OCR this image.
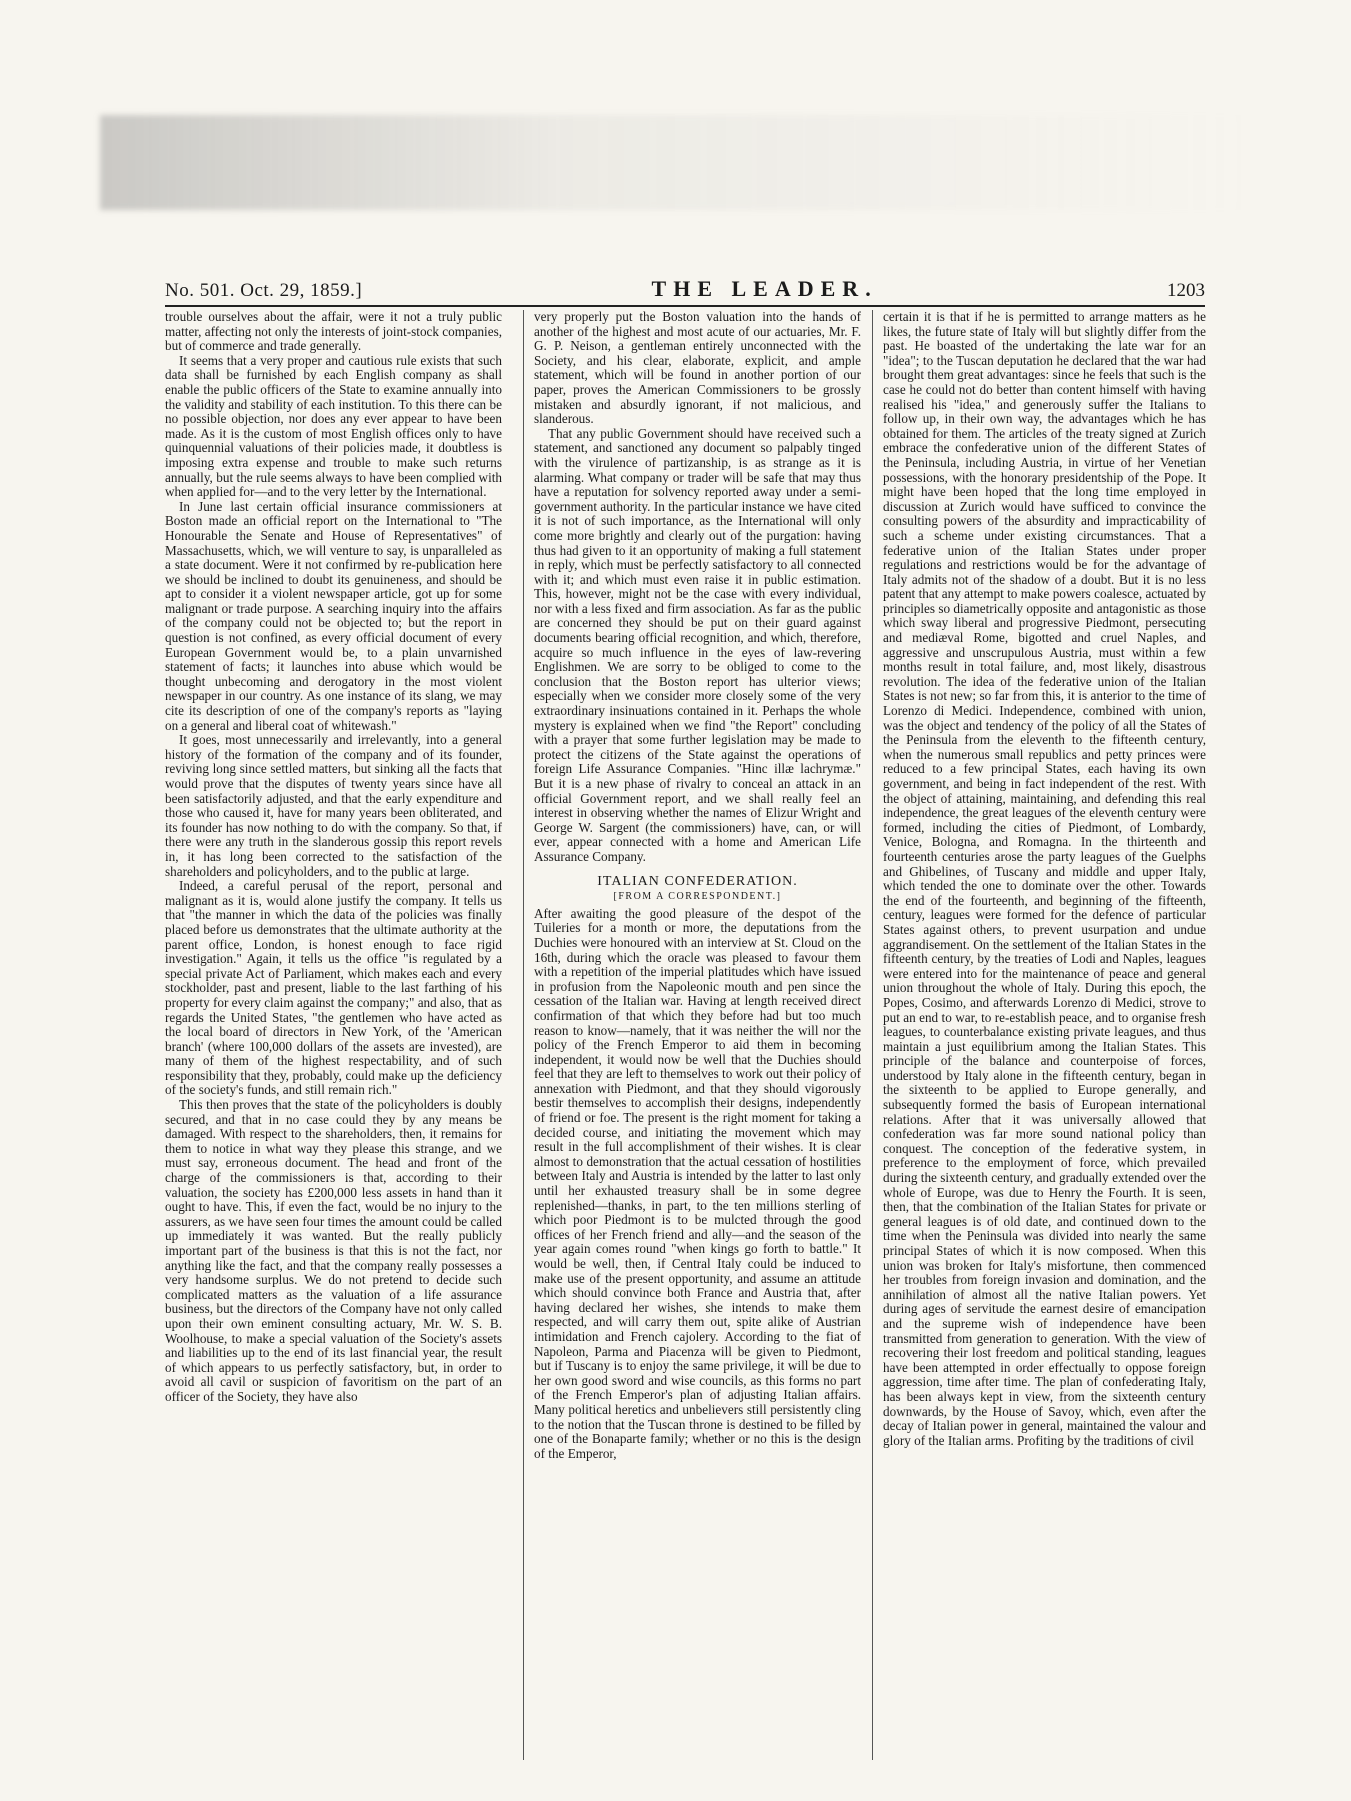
No. 501. Oct. 29, 1859.]	THE LEADER.	1203

trouble ourselves about the affair, were it not a truly public matter, affecting not only the interests of joint-stock companies, but of commerce and trade generally.

It seems that a very proper and cautious rule exists that such data shall be furnished by each English company as shall enable the public officers of the State to examine annually into the validity and stability of each institution. To this there can be no possible objection, nor does any ever appear to have been made. As it is the custom of most English offices only to have quinquennial valuations of their policies made, it doubtless is imposing extra expense and trouble to make such returns annually, but the rule seems always to have been complied with when applied for—and to the very letter by the International.

In June last certain official insurance commissioners at Boston made an official report on the International to "The Honourable the Senate and House of Representatives" of Massachusetts, which, we will venture to say, is unparalleled as a state document. Were it not confirmed by re-publication here we should be inclined to doubt its genuineness, and should be apt to consider it a violent newspaper article, got up for some malignant or trade purpose. A searching inquiry into the affairs of the company could not be objected to; but the report in question is not confined, as every official document of every European Government would be, to a plain unvarnished statement of facts; it launches into abuse which would be thought unbecoming and derogatory in the most violent newspaper in our country. As one instance of its slang, we may cite its description of one of the company's reports as "laying on a general and liberal coat of whitewash."

It goes, most unnecessarily and irrelevantly, into a general history of the formation of the company and of its founder, reviving long since settled matters, but sinking all the facts that would prove that the disputes of twenty years since have all been satisfactorily adjusted, and that the early expenditure and those who caused it, have for many years been obliterated, and its founder has now nothing to do with the company. So that, if there were any truth in the slanderous gossip this report revels in, it has long been corrected to the satisfaction of the shareholders and policyholders, and to the public at large.

Indeed, a careful perusal of the report, personal and malignant as it is, would alone justify the company. It tells us that "the manner in which the data of the policies was finally placed before us demonstrates that the ultimate authority at the parent office, London, is honest enough to face rigid investigation." Again, it tells us the office "is regulated by a special private Act of Parliament, which makes each and every stockholder, past and present, liable to the last farthing of his property for every claim against the company;" and also, that as regards the United States, "the gentlemen who have acted as the local board of directors in New York, of the 'American branch' (where 100,000 dollars of the assets are invested), are many of them of the highest respectability, and of such responsibility that they, probably, could make up the deficiency of the society's funds, and still remain rich."

This then proves that the state of the policyholders is doubly secured, and that in no case could they by any means be damaged. With respect to the shareholders, then, it remains for them to notice in what way they please this strange, and we must say, erroneous document. The head and front of the charge of the commissioners is that, according to their valuation, the society has £200,000 less assets in hand than it ought to have. This, if even the fact, would be no injury to the assurers, as we have seen four times the amount could be called up immediately it was wanted. But the really publicly important part of the business is that this is not the fact, nor anything like the fact, and that the company really possesses a very handsome surplus. We do not pretend to decide such complicated matters as the valuation of a life assurance business, but the directors of the Company have not only called upon their own eminent consulting actuary, Mr. W. S. B. Woolhouse, to make a special valuation of the Society's assets and liabilities up to the end of its last financial year, the result of which appears to us perfectly satisfactory, but, in order to avoid all cavil or suspicion of favoritism on the part of an officer of the Society, they have also

very properly put the Boston valuation into the hands of another of the highest and most acute of our actuaries, Mr. F. G. P. Neison, a gentleman entirely unconnected with the Society, and his clear, elaborate, explicit, and ample statement, which will be found in another portion of our paper, proves the American Commissioners to be grossly mistaken and absurdly ignorant, if not malicious, and slanderous.

That any public Government should have received such a statement, and sanctioned any document so palpably tinged with the virulence of partizanship, is as strange as it is alarming. What company or trader will be safe that may thus have a reputation for solvency reported away under a semi-government authority. In the particular instance we have cited it is not of such importance, as the International will only come more brightly and clearly out of the purgation: having thus had given to it an opportunity of making a full statement in reply, which must be perfectly satisfactory to all connected with it; and which must even raise it in public estimation. This, however, might not be the case with every individual, nor with a less fixed and firm association. As far as the public are concerned they should be put on their guard against documents bearing official recognition, and which, therefore, acquire so much influence in the eyes of law-revering Englishmen. We are sorry to be obliged to come to the conclusion that the Boston report has ulterior views; especially when we consider more closely some of the very extraordinary insinuations contained in it. Perhaps the whole mystery is explained when we find "the Report" concluding with a prayer that some further legislation may be made to protect the citizens of the State against the operations of foreign Life Assurance Companies. "Hinc illæ lachrymæ." But it is a new phase of rivalry to conceal an attack in an official Government report, and we shall really feel an interest in observing whether the names of Elizur Wright and George W. Sargent (the commissioners) have, can, or will ever, appear connected with a home and American Life Assurance Company.

ITALIAN CONFEDERATION.
[FROM A CORRESPONDENT.]

After awaiting the good pleasure of the despot of the Tuileries for a month or more, the deputations from the Duchies were honoured with an interview at St. Cloud on the 16th, during which the oracle was pleased to favour them with a repetition of the imperial platitudes which have issued in profusion from the Napoleonic mouth and pen since the cessation of the Italian war. Having at length received direct confirmation of that which they before had but too much reason to know—namely, that it was neither the will nor the policy of the French Emperor to aid them in becoming independent, it would now be well that the Duchies should feel that they are left to themselves to work out their policy of annexation with Piedmont, and that they should vigorously bestir themselves to accomplish their designs, independently of friend or foe. The present is the right moment for taking a decided course, and initiating the movement which may result in the full accomplishment of their wishes. It is clear almost to demonstration that the actual cessation of hostilities between Italy and Austria is intended by the latter to last only until her exhausted treasury shall be in some degree replenished—thanks, in part, to the ten millions sterling of which poor Piedmont is to be mulcted through the good offices of her French friend and ally—and the season of the year again comes round "when kings go forth to battle." It would be well, then, if Central Italy could be induced to make use of the present opportunity, and assume an attitude which should convince both France and Austria that, after having declared her wishes, she intends to make them respected, and will carry them out, spite alike of Austrian intimidation and French cajolery. According to the fiat of Napoleon, Parma and Piacenza will be given to Piedmont, but if Tuscany is to enjoy the same privilege, it will be due to her own good sword and wise councils, as this forms no part of the French Emperor's plan of adjusting Italian affairs. Many political heretics and unbelievers still persistently cling to the notion that the Tuscan throne is destined to be filled by one of the Bonaparte family; whether or no this is the design of the Emperor,

certain it is that if he is permitted to arrange matters as he likes, the future state of Italy will but slightly differ from the past. He boasted of the undertaking the late war for an "idea"; to the Tuscan deputation he declared that the war had brought them great advantages: since he feels that such is the case he could not do better than content himself with having realised his "idea," and generously suffer the Italians to follow up, in their own way, the advantages which he has obtained for them. The articles of the treaty signed at Zurich embrace the confederative union of the different States of the Peninsula, including Austria, in virtue of her Venetian possessions, with the honorary presidentship of the Pope. It might have been hoped that the long time employed in discussion at Zurich would have sufficed to convince the consulting powers of the absurdity and impracticability of such a scheme under existing circumstances. That a federative union of the Italian States under proper regulations and restrictions would be for the advantage of Italy admits not of the shadow of a doubt. But it is no less patent that any attempt to make powers coalesce, actuated by principles so diametrically opposite and antagonistic as those which sway liberal and progressive Piedmont, persecuting and mediæval Rome, bigotted and cruel Naples, and aggressive and unscrupulous Austria, must within a few months result in total failure, and, most likely, disastrous revolution. The idea of the federative union of the Italian States is not new; so far from this, it is anterior to the time of Lorenzo di Medici. Independence, combined with union, was the object and tendency of the policy of all the States of the Peninsula from the eleventh to the fifteenth century, when the numerous small republics and petty princes were reduced to a few principal States, each having its own government, and being in fact independent of the rest. With the object of attaining, maintaining, and defending this real independence, the great leagues of the eleventh century were formed, including the cities of Piedmont, of Lombardy, Venice, Bologna, and Romagna. In the thirteenth and fourteenth centuries arose the party leagues of the Guelphs and Ghibelines, of Tuscany and middle and upper Italy, which tended the one to dominate over the other. Towards the end of the fourteenth, and beginning of the fifteenth, century, leagues were formed for the defence of particular States against others, to prevent usurpation and undue aggrandisement. On the settlement of the Italian States in the fifteenth century, by the treaties of Lodi and Naples, leagues were entered into for the maintenance of peace and general union throughout the whole of Italy. During this epoch, the Popes, Cosimo, and afterwards Lorenzo di Medici, strove to put an end to war, to re-establish peace, and to organise fresh leagues, to counterbalance existing private leagues, and thus maintain a just equilibrium among the Italian States. This principle of the balance and counterpoise of forces, understood by Italy alone in the fifteenth century, began in the sixteenth to be applied to Europe generally, and subsequently formed the basis of European international relations. After that it was universally allowed that confederation was far more sound national policy than conquest. The conception of the federative system, in preference to the employment of force, which prevailed during the sixteenth century, and gradually extended over the whole of Europe, was due to Henry the Fourth. It is seen, then, that the combination of the Italian States for private or general leagues is of old date, and continued down to the time when the Peninsula was divided into nearly the same principal States of which it is now composed. When this union was broken for Italy's misfortune, then commenced her troubles from foreign invasion and domination, and the annihilation of almost all the native Italian powers. Yet during ages of servitude the earnest desire of emancipation and the supreme wish of independence have been transmitted from generation to generation. With the view of recovering their lost freedom and political standing, leagues have been attempted in order effectually to oppose foreign aggression, time after time. The plan of confederating Italy, has been always kept in view, from the sixteenth century downwards, by the House of Savoy, which, even after the decay of Italian power in general, maintained the valour and glory of the Italian arms. Profiting by the traditions of civil
